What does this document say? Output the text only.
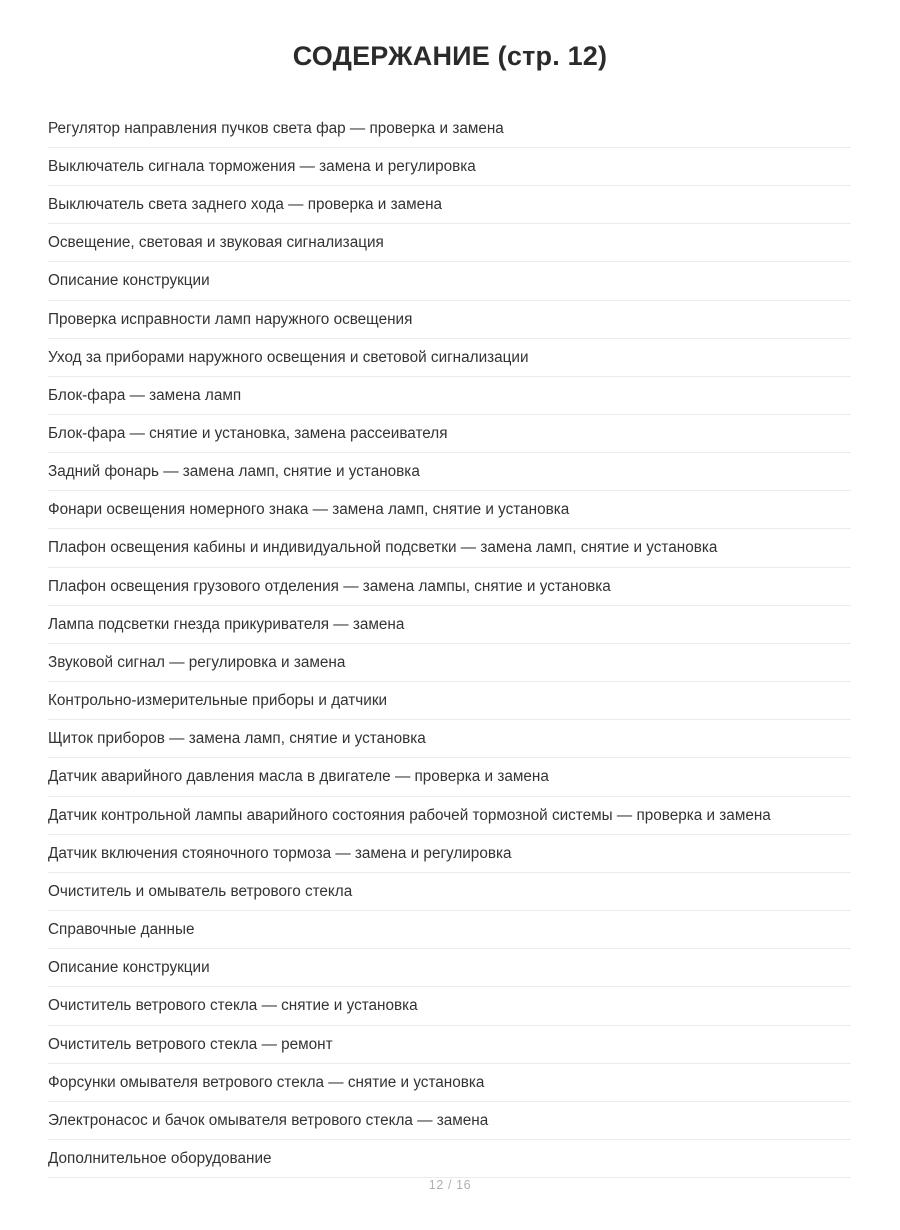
СОДЕРЖАНИЕ (стр. 12)
Регулятор направления пучков света фар — проверка и замена
Выключатель сигнала торможения — замена и регулировка
Выключатель света заднего хода — проверка и замена
Освещение, световая и звуковая сигнализация
Описание конструкции
Проверка исправности ламп наружного освещения
Уход за приборами наружного освещения и световой сигнализации
Блок-фара — замена ламп
Блок-фара — снятие и установка, замена рассеивателя
Задний фонарь — замена ламп, снятие и установка
Фонари освещения номерного знака — замена ламп, снятие и установка
Плафон освещения кабины и индивидуальной подсветки — замена ламп, снятие и установка
Плафон освещения грузового отделения — замена лампы, снятие и установка
Лампа подсветки гнезда прикуривателя — замена
Звуковой сигнал — регулировка и замена
Контрольно-измерительные приборы и датчики
Щиток приборов — замена ламп, снятие и установка
Датчик аварийного давления масла в двигателе — проверка и замена
Датчик контрольной лампы аварийного состояния рабочей тормозной системы — проверка и замена
Датчик включения стояночного тормоза — замена и регулировка
Очиститель и омыватель ветрового стекла
Справочные данные
Описание конструкции
Очиститель ветрового стекла — снятие и установка
Очиститель ветрового стекла — ремонт
Форсунки омывателя ветрового стекла — снятие и установка
Электронасос и бачок омывателя ветрового стекла — замена
Дополнительное оборудование
12 / 16
